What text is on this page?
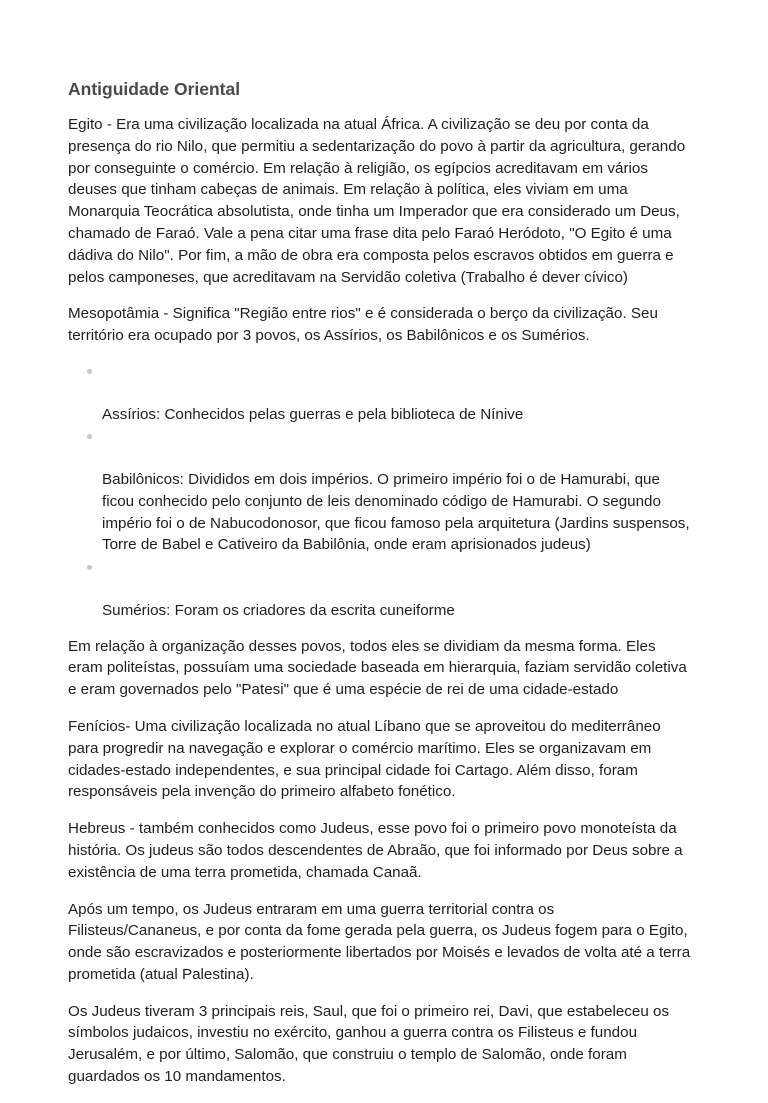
Antiguidade Oriental

Egito - Era uma civilização localizada na atual África. A civilização se deu por conta da
presença do rio Nilo, que permitiu a sedentarização do povo à partir da agricultura, gerando
por conseguinte o comércio. Em relação à religião, os egípcios acreditavam em vários
deuses que tinham cabeças de animais. Em relação à política, eles viviam em uma
Monarquia Teocrática absolutista, onde tinha um Imperador que era considerado um Deus,
chamado de Faraó. Vale a pena citar uma frase dita pelo Faraó Heródoto, "O Egito é uma
dádiva do Nilo". Por fim, a mão de obra era composta pelos escravos obtidos em guerra e
pelos camponeses, que acreditavam na Servidão coletiva (Trabalho é dever cívico)

Mesopotâmia - Significa "Região entre rios" e é considerada o berço da civilização. Seu
território era ocupado por 3 povos, os Assírios, os Babilônicos e os Sumérios.

Assírios: Conhecidos pelas guerras e pela biblioteca de Nínive

Babilônicos: Divididos em dois impérios. O primeiro império foi o de Hamurabi, que
ficou conhecido pelo conjunto de leis denominado código de Hamurabi. O segundo
império foi o de Nabucodonosor, que ficou famoso pela arquitetura (Jardins suspensos,
Torre de Babel e Cativeiro da Babilônia, onde eram aprisionados judeus)

Sumérios: Foram os criadores da escrita cuneiforme

Em relação à organização desses povos, todos eles se dividiam da mesma forma. Eles
eram politeístas, possuíam uma sociedade baseada em hierarquia, faziam servidão coletiva
e eram governados pelo "Patesi" que é uma espécie de rei de uma cidade-estado

Fenícios- Uma civilização localizada no atual Líbano que se aproveitou do mediterrâneo
para progredir na navegação e explorar o comércio marítimo. Eles se organizavam em
cidades-estado independentes, e sua principal cidade foi Cartago. Além disso, foram
responsáveis pela invenção do primeiro alfabeto fonético.

Hebreus - também conhecidos como Judeus, esse povo foi o primeiro povo monoteísta da
história. Os judeus são todos descendentes de Abraão, que foi informado por Deus sobre a
existência de uma terra prometida, chamada Canaã.

Após um tempo, os Judeus entraram em uma guerra territorial contra os
Filisteus/Cananeus, e por conta da fome gerada pela guerra, os Judeus fogem para o Egito,
onde são escravizados e posteriormente libertados por Moisés e levados de volta até a terra
prometida (atual Palestina).

Os Judeus tiveram 3 principais reis, Saul, que foi o primeiro rei, Davi, que estabeleceu os
símbolos judaicos, investiu no exército, ganhou a guerra contra os Filisteus e fundou
Jerusalém, e por último, Salomão, que construiu o templo de Salomão, onde foram
guardados os 10 mandamentos.
